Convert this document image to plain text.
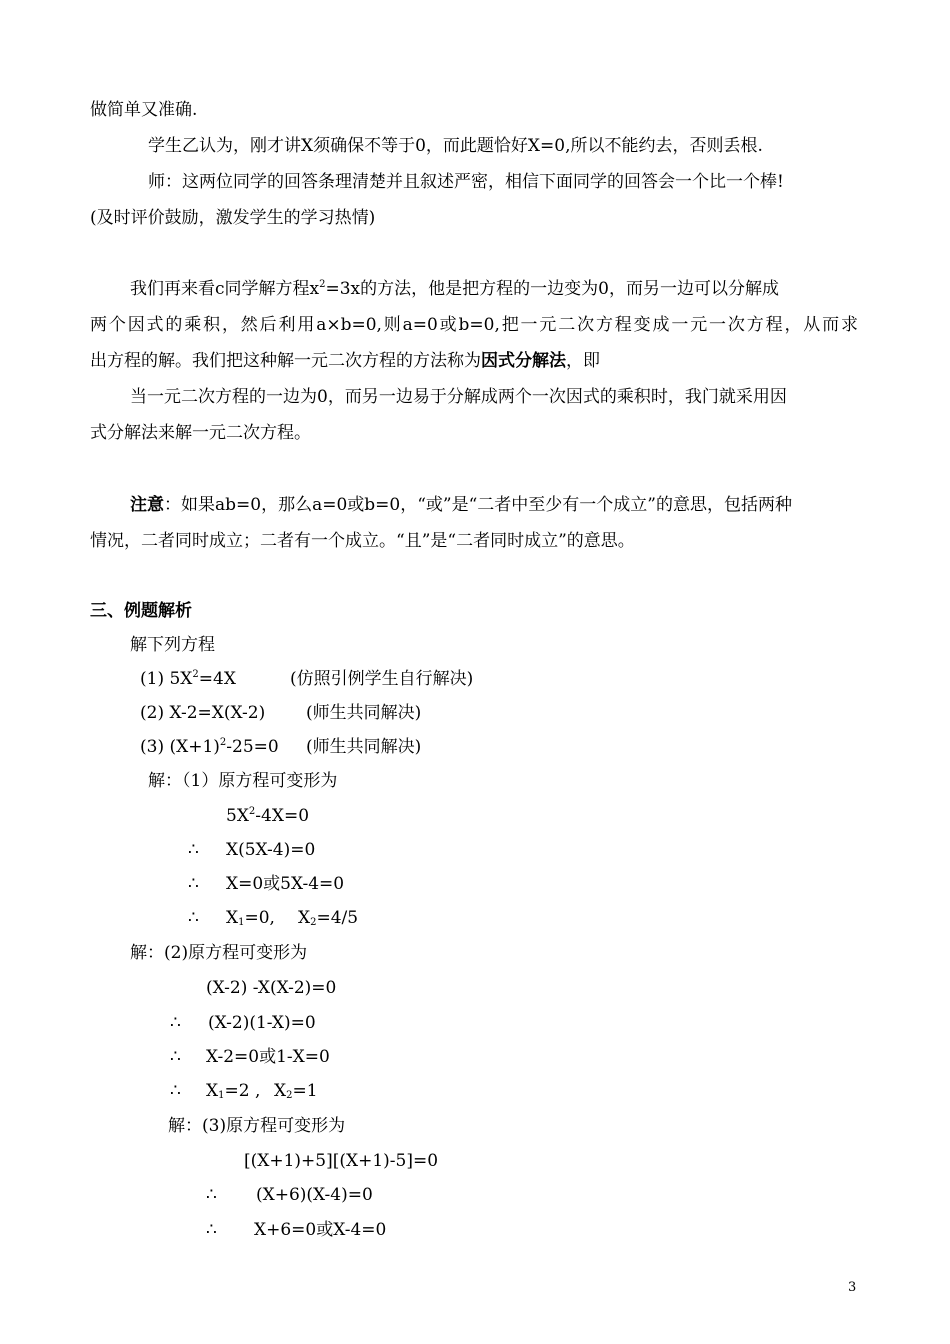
做简单又准确.
学生乙认为，刚才讲X须确保不等于0，而此题恰好X=0,所以不能约去，否则丢根.
师：这两位同学的回答条理清楚并且叙述严密，相信下面同学的回答会一个比一个棒!
(及时评价鼓励，激发学生的学习热情)
我们再来看c同学解方程$x^2=3x$的方法，他是把方程的一边变为0，而另一边可以分解成
两个因式的乘积，然后利用a×b=0,则a=0或b=0,把一元二次方程变成一元一次方程，从而求
出方程的解。我们把这种解一元二次方程的方法称为因式分解法，即
当一元二次方程的一边为0，而另一边易于分解成两个一次因式的乘积时，我门就采用因
式分解法来解一元二次方程。
注意：如果ab=0，那么a=0或b=0，“或”是“二者中至少有一个成立”的意思，包括两种
情况，二者同时成立；二者有一个成立。“且”是“二者同时成立”的意思。
三、例题解析
解下列方程
(1) $5X^2=4X$	(仿照引例学生自行解决)
(2) X-2=X(X-2) (师生共同解决)
(3) $(X+1)^2-25=0$ (师生共同解决)
解：（1）原方程可变形为
$5X^2-4X=0$
∴ X(5X-4)=0
∴ X=0或5X-4=0
∴ $X_1=0$, $X_2=4/5$
解：(2)原方程可变形为
(X-2) -X(X-2)=0
∴ (X-2)(1-X)=0
∴ X-2=0或1-X=0
∴ $X_1=2$ , $X_2=1$
解：(3)原方程可变形为
[(X+1)+5][(X+1)-5]=0
∴ (X+6)(X-4)=0
∴ X+6=0或X-4=0
3
